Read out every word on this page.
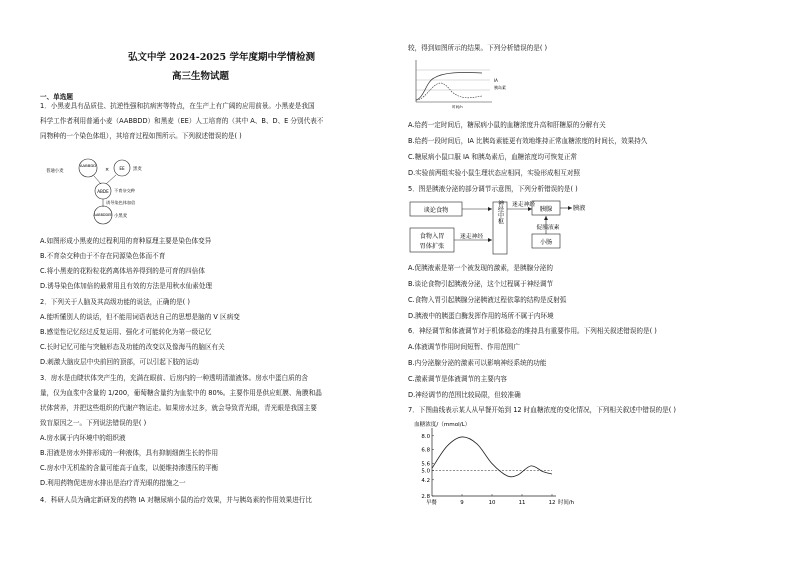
弘文中学 2024-2025 学年度期中学情检测
高三生物试题
一、单选题
1．小黑麦具有品质佳、抗逆性强和抗病害等特点，在生产上有广阔的应用前景。小黑麦是我国
科学工作者利用普通小麦（AABBDD）和黑麦（EE）人工培育的（其中 A、B、D、E 分别代表不
同物种的一个染色体组），其培育过程如图所示。下列叙述错误的是( )
普通小麦
AABBDD
× EE 黑麦
ABDE 不育杂交种
诱导染色体加倍
AABBDDEE 小黑麦
A.如图形成小黑麦的过程利用的育种原理主要是染色体变异
B.不育杂交种由于不存在同源染色体而不育
C.将小黑麦的花粉粒花药离体培养得到的是可育的四倍体
D.诱导染色体加倍的最常用且有效的方法是用秋水仙素处理
2．下列关于人脑及其高级功能的说法，正确的是( )
A.能听懂别人的谈话，但不能用词语表达自己的思想是脑的 V 区病变
B.感觉性记忆经过反复运用、强化才可能转化为第一级记忆
C.长时记忆可能与突触形态及功能的改变以及像海马的脑区有关
D.刺激大脑皮层中央前回的顶部，可以引起下肢的运动
3．房水是由睫状体突产生的，充满在眼前、后房内的一种透明清澈液体。房水中蛋白质的含
量，仅为血浆中含量的 1/200，葡萄糖含量约为血浆中的 80%。主要作用是供应虹膜、角膜和晶
状体营养，并把这些组织的代谢产物运走。如果房水过多，就会导致青光眼，青光眼是我国主要
致盲原因之一。下列说法错误的是( )
A.房水属于内环境中的组织液
B.泪液是房水外排形成的一种液体，具有抑制细菌生长的作用
C.房水中无机盐的含量可能高于血浆，以便维持渗透压的平衡
D.利用药物促进房水排出是治疗青光眼的措施之一
4．科研人员为确定新研发的药物 IA 对糖尿病小鼠的治疗效果，并与胰岛素的作用效果进行比
较，得到如图所示的结果。下列分析错误的是( )
IA
胰岛素
时间/h
A.给药一定时间后，糖尿病小鼠的血糖浓度升高和肝糖原的分解有关
B.给药一段时间后，IA 比胰岛素能更有效地维持正常血糖浓度的时间长，效果持久
C.糖尿病小鼠口服 IA 和胰岛素后，血糖浓度均可恢复正常
D.实验前两组实验小鼠生理状态应相同，实验形成相互对照
5．图是胰液分泌的部分调节示意图，下列分析错误的是( )
谈论食物
食物入胃
胃体扩张
迷走神经
神经中枢 迷走神经
胰腺	胰液
小肠
促胰液素
A.促胰液素是第一个被发现的激素，是胰腺分泌的
B.谈论食物引起胰液分泌，这个过程属于神经调节
C.食物入胃引起胰腺分泌胰液过程依靠的结构是反射弧
D.胰液中的胰蛋白酶发挥作用的场所不属于内环境
6．神经调节和体液调节对于机体稳态的维持具有重要作用。下列相关叙述错误的是( )
A.体液调节作用时间短暂、作用范围广
B.内分泌腺分泌的激素可以影响神经系统的功能
C.激素调节是体液调节的主要内容
D.神经调节的范围比较局限，但较准确
7．下图曲线表示某人从早餐开始到 12 时血糖浓度的变化情况，下列相关叙述中错误的是( )
血糖浓度/（mmol/L）
8.0
6.8
5.6
5.0
4.2
2.8
早餐	9	10	11	12 时间/h
